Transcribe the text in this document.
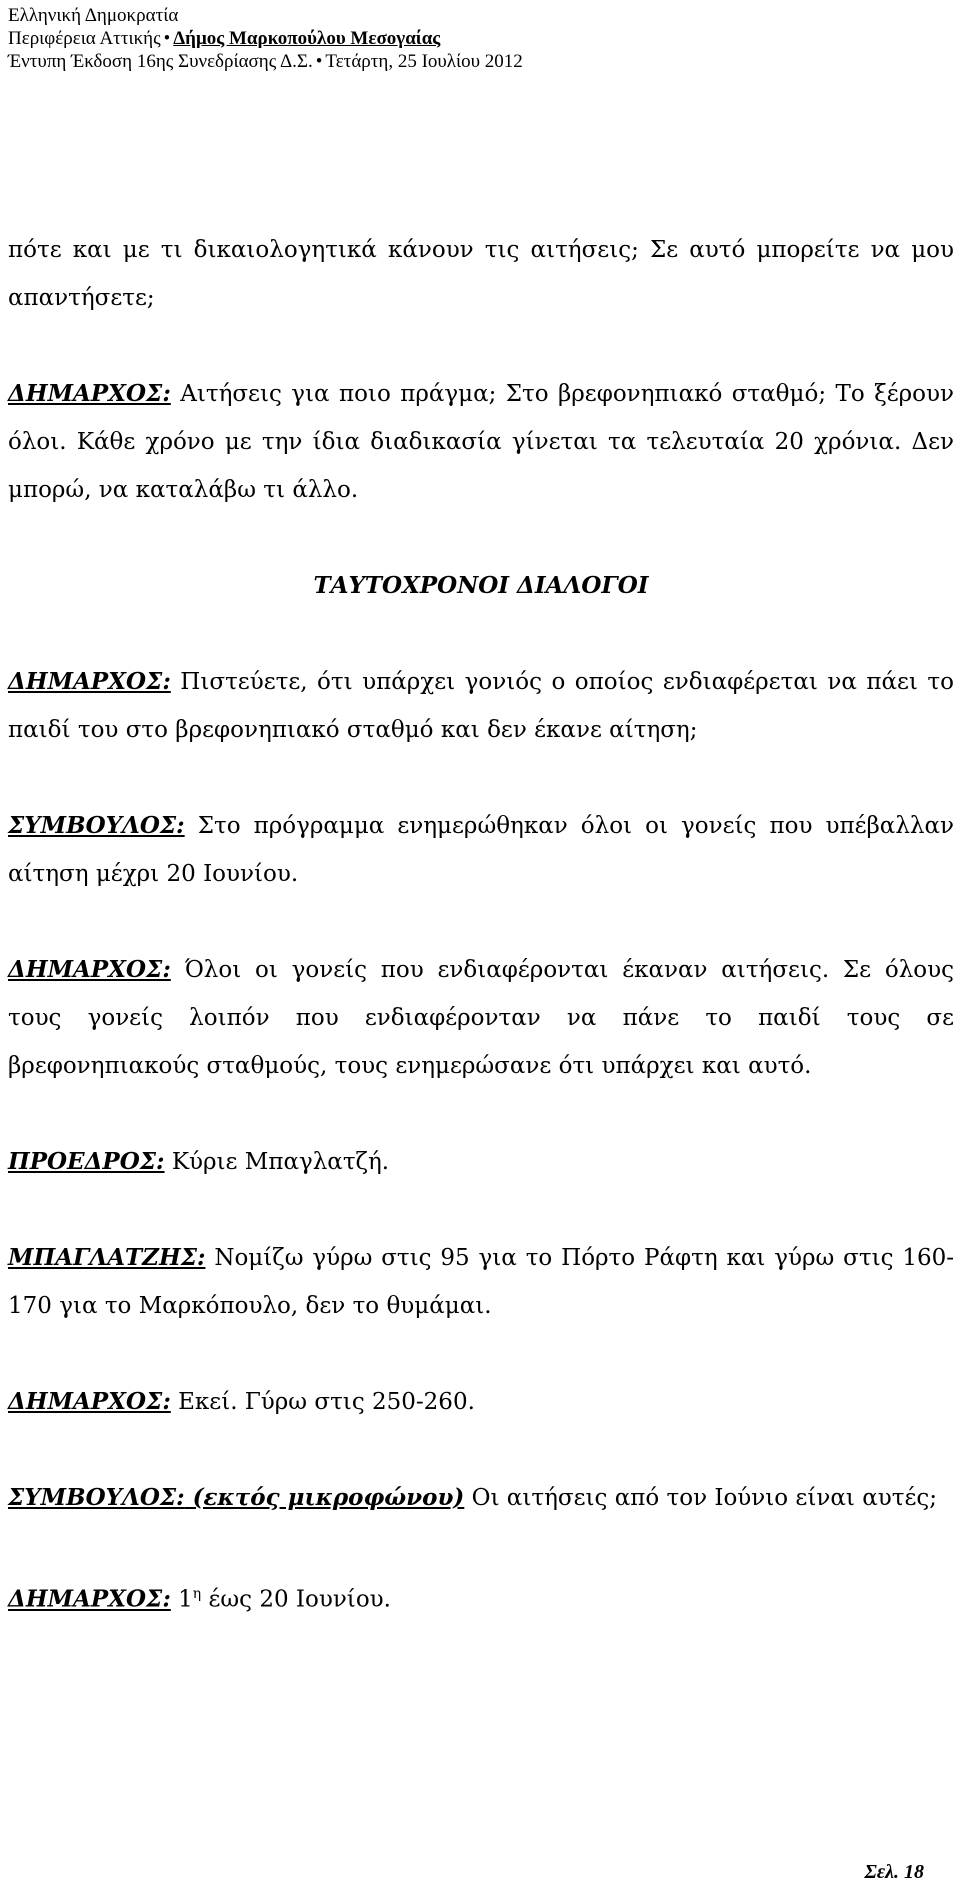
Ελληνική Δημοκρατία
Περιφέρεια Αττικής • Δήμος Μαρκοπούλου Μεσογαίας
Έντυπη Έκδοση 16ης Συνεδρίασης Δ.Σ. • Τετάρτη, 25 Ιουλίου 2012

πότε και με τι δικαιολογητικά κάνουν τις αιτήσεις; Σε αυτό μπορείτε να μου απαντήσετε;

ΔΗΜΑΡΧΟΣ: Αιτήσεις για ποιο πράγμα; Στο βρεφονηπιακό σταθμό; Το ξέρουν όλοι. Κάθε χρόνο με την ίδια διαδικασία γίνεται τα τελευταία 20 χρόνια. Δεν μπορώ, να καταλάβω τι άλλο.

ΤΑΥΤΟΧΡΟΝΟΙ ΔΙΑΛΟΓΟΙ

ΔΗΜΑΡΧΟΣ: Πιστεύετε, ότι υπάρχει γονιός ο οποίος ενδιαφέρεται να πάει το παιδί του στο βρεφονηπιακό σταθμό και δεν έκανε αίτηση;

ΣΥΜΒΟΥΛΟΣ: Στο πρόγραμμα ενημερώθηκαν όλοι οι γονείς που υπέβαλλαν αίτηση μέχρι 20 Ιουνίου.

ΔΗΜΑΡΧΟΣ: Όλοι οι γονείς που ενδιαφέρονται έκαναν αιτήσεις. Σε όλους τους γονείς λοιπόν που ενδιαφέρονταν να πάνε το παιδί τους σε βρεφονηπιακούς σταθμούς, τους ενημερώσανε ότι υπάρχει και αυτό.

ΠΡΟΕΔΡΟΣ: Κύριε Μπαγλατζή.

ΜΠΑΓΛΑΤΖΗΣ: Νομίζω γύρω στις 95 για το Πόρτο Ράφτη και γύρω στις 160-170 για το Μαρκόπουλο, δεν το θυμάμαι.

ΔΗΜΑΡΧΟΣ: Εκεί. Γύρω στις 250-260.

ΣΥΜΒΟΥΛΟΣ: (εκτός μικροφώνου) Οι αιτήσεις από τον Ιούνιο είναι αυτές;

ΔΗΜΑΡΧΟΣ: $1^\eta$ έως 20 Ιουνίου.

Σελ. 18
